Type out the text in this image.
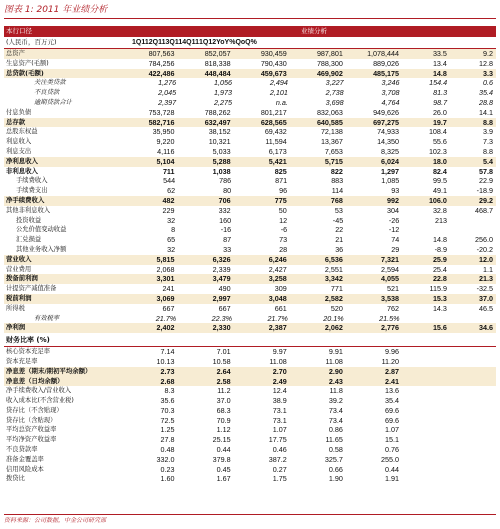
图表 1: 2011 年业绩分析
本行口径	业绩分析
(人民币，百万元)	1Q11 2Q11 3Q11 4Q11 1Q12 YoY% QoQ%
总资产	807,563	852,057	930,459	987,801	1,078,444	33.5	9.2
生息资产(毛额)	784,256	818,338	790,430	788,300	889,026	13.4	12.8
总贷款(毛额)	422,486	448,484	459,673	469,902	485,175	14.8	3.3
关注类贷款	1,276	1,056	2,494	3,227	3,246	154.4	0.6
不良贷款	2,045	1,973	2,101	2,738	3,708	81.3	35.4
逾期贷款合计	2,397	2,275	n.a.	3,698	4,764	98.7	28.8
付息负债	753,728	788,262	801,217	832,063	949,626	26.0	14.1
总存款	582,716	632,497	628,565	640,585	697,275	19.7	8.8
总股东权益	35,950	38,152	69,432	72,138	74,933	108.4	3.9
利息收入	9,220	10,321	11,594	13,367	14,350	55.6	7.3
利息支出	4,116	5,033	6,173	7,653	8,325	102.3	8.8
净利息收入	5,104	5,288	5,421	5,715	6,024	18.0	5.4
非利息收入	711	1,038	825	822	1,297	82.4	57.8
手续费收入	544	786	871	883	1,085	99.5	22.9
手续费支出	62	80	96	114	93	49.1	-18.9
净手续费收入	482	706	775	768	992	106.0	29.2
其他非利息收入	229	332	50	53	304	32.8	468.7
投资收益	32	160	12	-45	-26	213
公允价值变动收益	8	-16	-6	22	-12
汇兑损益	65	87	73	21	74	14.8	256.0
其他业务收入净额	32	33	28	36	29	-8.9	-20.2
营业收入	5,815	6,326	6,246	6,536	7,321	25.9	12.0
营业费用	2,068	2,339	2,427	2,551	2,594	25.4	1.1
拨备前利润	3,301	3,479	3,258	3,342	4,055	22.8	21.3
计提资产减值准备	241	490	309	771	521	115.9	-32.5
税前利润	3,069	2,997	3,048	2,582	3,538	15.3	37.0
所得税	667	667	661	520	762	14.3	46.5
有效税率	21.7%	22.3%	21.7%	20.1%	21.5%
净利润	2,402	2,330	2,387	2,062	2,776	15.6	34.6
财务比率 (%)
核心资本充足率	7.14	7.01	9.97	9.91	9.96
资本充足率	10.13	10.58	11.08	11.08	11.20
净息差（期末/期初平均余额）	2.73	2.64	2.70	2.90	2.87
净息差（日均余额）	2.68	2.58	2.49	2.43	2.41
净手续费收入/营业收入	8.3	11.2	12.4	11.8	13.6
收入成本比(不含营业税)	35.6	37.0	38.9	39.2	35.4
贷存比（不含贴现）	70.3	68.3	73.1	73.4	69.6
贷存比（含贴现）	72.5	70.9	73.1	73.4	69.6
平均总资产收益率	1.25	1.12	1.07	0.86	1.07
平均净资产收益率	27.8	25.15	17.75	11.65	15.1
不良贷款率	0.48	0.44	0.46	0.58	0.76
准备金覆盖率	332.0	379.8	387.2	325.7	255.0
信用风险成本	0.23	0.45	0.27	0.66	0.44
拨贷比	1.60	1.67	1.75	1.90	1.91
资料来源：公司数据，中金公司研究部
